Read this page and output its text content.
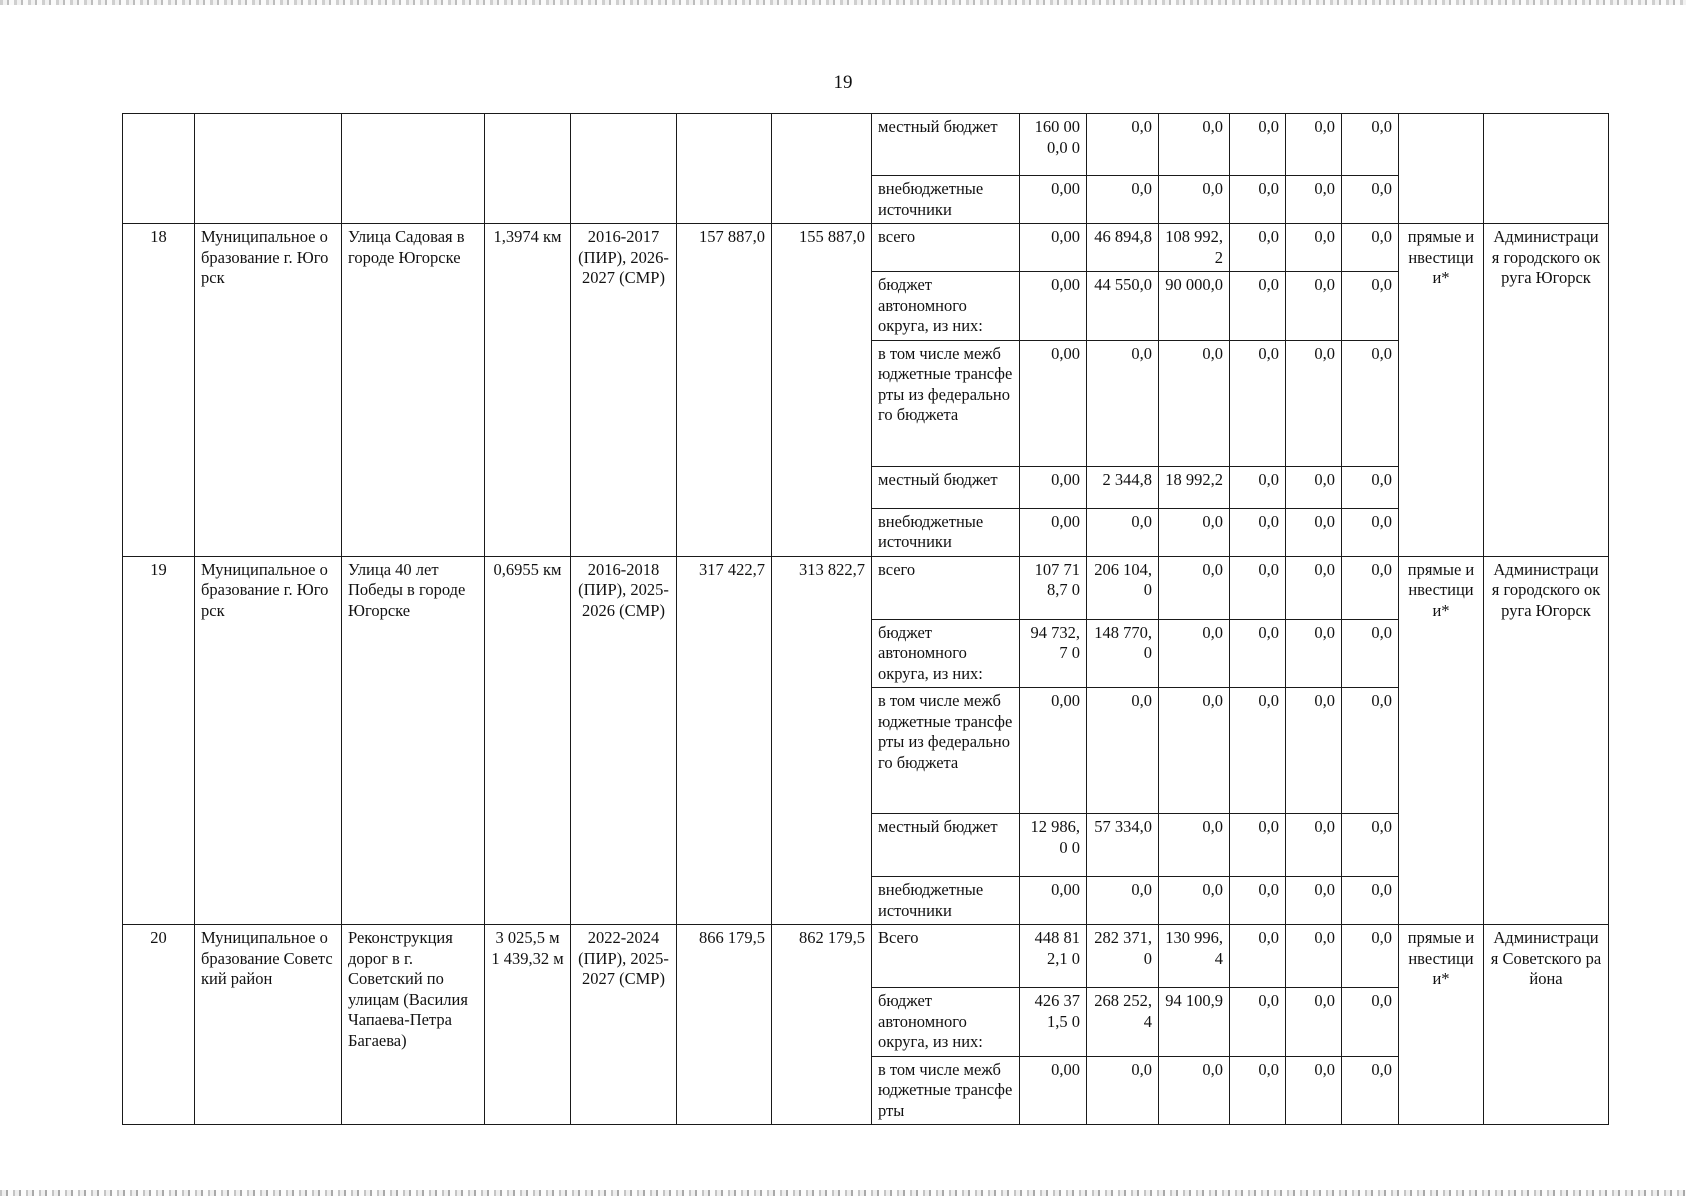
19
							местный бюджет	160 000,0 0	0,0	0,0	0,0	0,0	0,0		
							внебюджетные источники	0,00	0,0	0,0	0,0	0,0	0,0		
18	Муниципальное образование г. Югорск	Улица Садовая в городе Югорске	1,3974 км	2016-2017 (ПИР), 2026-2027 (СМР)	157 887,0	155 887,0	всего	0,00	46 894,8	108 992,2	0,0	0,0	0,0	прямые инвестиции*	Администрация городского округа Югорск
							бюджет автономного округа, из них:	0,00	44 550,0	90 000,0	0,0	0,0	0,0		
							в том числе межбюджетные трансферты из федерального бюджета	0,00	0,0	0,0	0,0	0,0	0,0		
							местный бюджет	0,00	2 344,8	18 992,2	0,0	0,0	0,0		
							внебюджетные источники	0,00	0,0	0,0	0,0	0,0	0,0		
19	Муниципальное образование г. Югорск	Улица 40 лет Победы в городе Югорске	0,6955 км	2016-2018 (ПИР), 2025-2026 (СМР)	317 422,7	313 822,7	всего	107 718,7 0	206 104,0	0,0	0,0	0,0	0,0	прямые инвестиции*	Администрация городского округа Югорск
							бюджет автономного округа, из них:	94 732,7 0	148 770,0	0,0	0,0	0,0	0,0		
							в том числе межбюджетные трансферты из федерального бюджета	0,00	0,0	0,0	0,0	0,0	0,0		
							местный бюджет	12 986,0 0	57 334,0	0,0	0,0	0,0	0,0		
							внебюджетные источники	0,00	0,0	0,0	0,0	0,0	0,0		
20	Муниципальное образование Советский район	Реконструкция дорог в г. Советский по улицам (Василия Чапаева-Петра Багаева)	3 025,5 м 1 439,32 м	2022-2024 (ПИР), 2025-2027 (СМР)	866 179,5	862 179,5	Всего	448 812,1 0	282 371,0	130 996,4	0,0	0,0	0,0	прямые инвестиции*	Администрация Советского района
							бюджет автономного округа, из них:	426 371,5 0	268 252,4	94 100,9	0,0	0,0	0,0		
							в том числе межбюджетные трансферты	0,00	0,0	0,0	0,0	0,0	0,0		
